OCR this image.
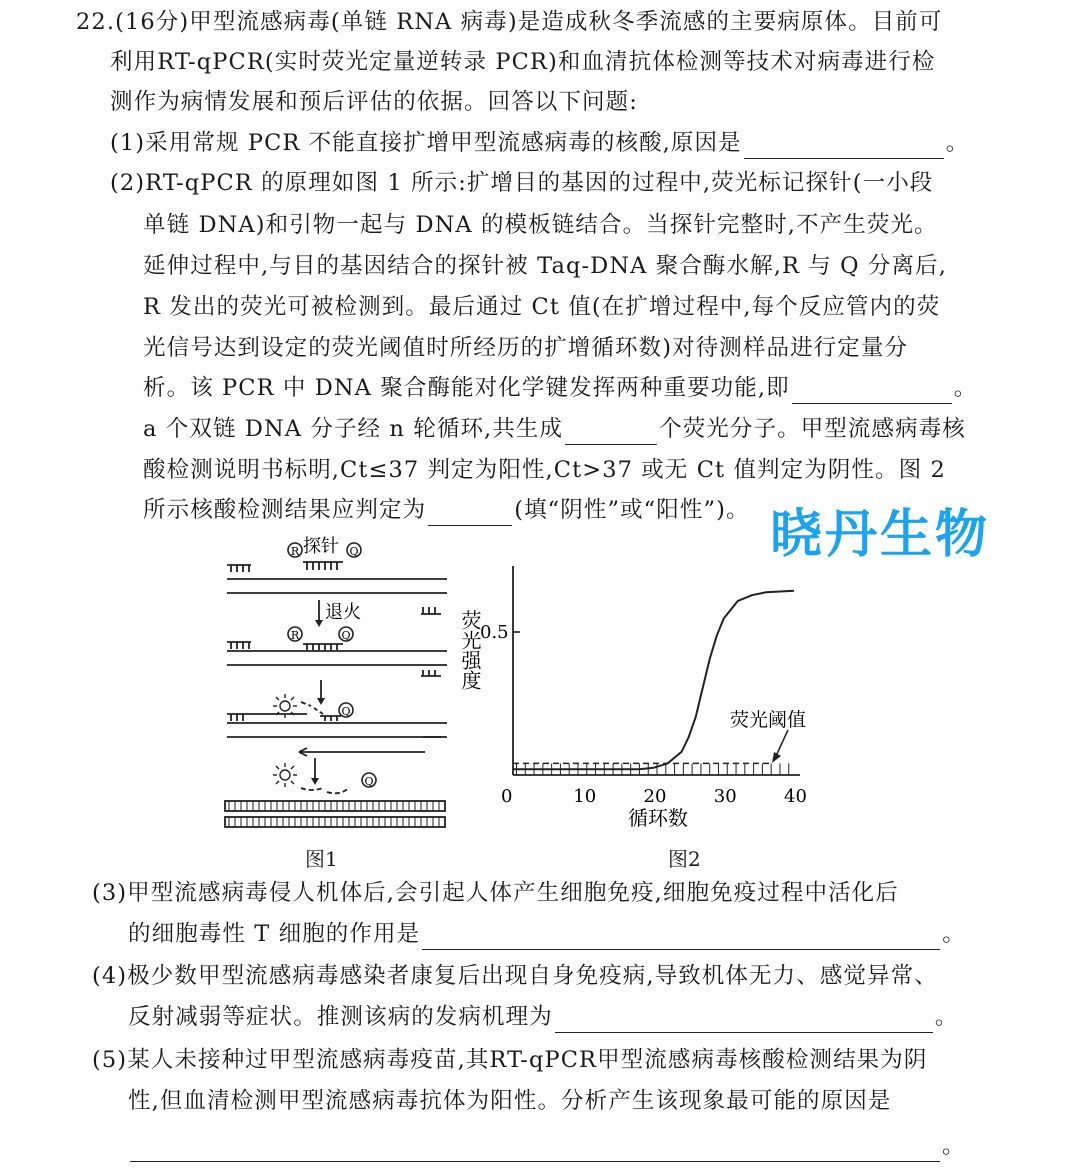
22.(16分)甲型流感病毒(单链 RNA 病毒)是造成秋冬季流感的主要病原体。目前可
利用RT-qPCR(实时荧光定量逆转录 PCR)和血清抗体检测等技术对病毒进行检
测作为病情发展和预后评估的依据。回答以下问题:
(1)采用常规 PCR 不能直接扩增甲型流感病毒的核酸,原因是	。
(2)RT-qPCR 的原理如图 1 所示:扩增目的基因的过程中,荧光标记探针(一小段
单链 DNA)和引物一起与 DNA 的模板链结合。当探针完整时,不产生荧光。
延伸过程中,与目的基因结合的探针被 Taq-DNA 聚合酶水解,R 与 Q 分离后,
R 发出的荧光可被检测到。最后通过 Ct 值(在扩增过程中,每个反应管内的荧
光信号达到设定的荧光阈值时所经历的扩增循环数)对待测样品进行定量分
析。该 PCR 中 DNA 聚合酶能对化学键发挥两种重要功能,即	。
a 个双链 DNA 分子经 n 轮循环,共生成	个荧光分子。甲型流感病毒核
酸检测说明书标明,Ct≤37 判定为阳性,Ct>37 或无 Ct 值判定为阴性。图 2
所示核酸检测结果应判定为	(填“阴性”或“阳性”)。 晓丹生物
R	Q
R	Q
Q
Q
探针
退火
图1
0.5
荧光强度
循环数
荧光阈值
0	10	20	30	40
图2
(3)甲型流感病毒侵人机体后,会引起人体产生细胞免疫,细胞免疫过程中活化后
的细胞毒性 T 细胞的作用是	。
(4)极少数甲型流感病毒感染者康复后出现自身免疫病,导致机体无力、感觉异常、
反射减弱等症状。推测该病的发病机理为	。
(5)某人未接种过甲型流感病毒疫苗,其RT-qPCR甲型流感病毒核酸检测结果为阴
性,但血清检测甲型流感病毒抗体为阳性。分析产生该现象最可能的原因是
。
